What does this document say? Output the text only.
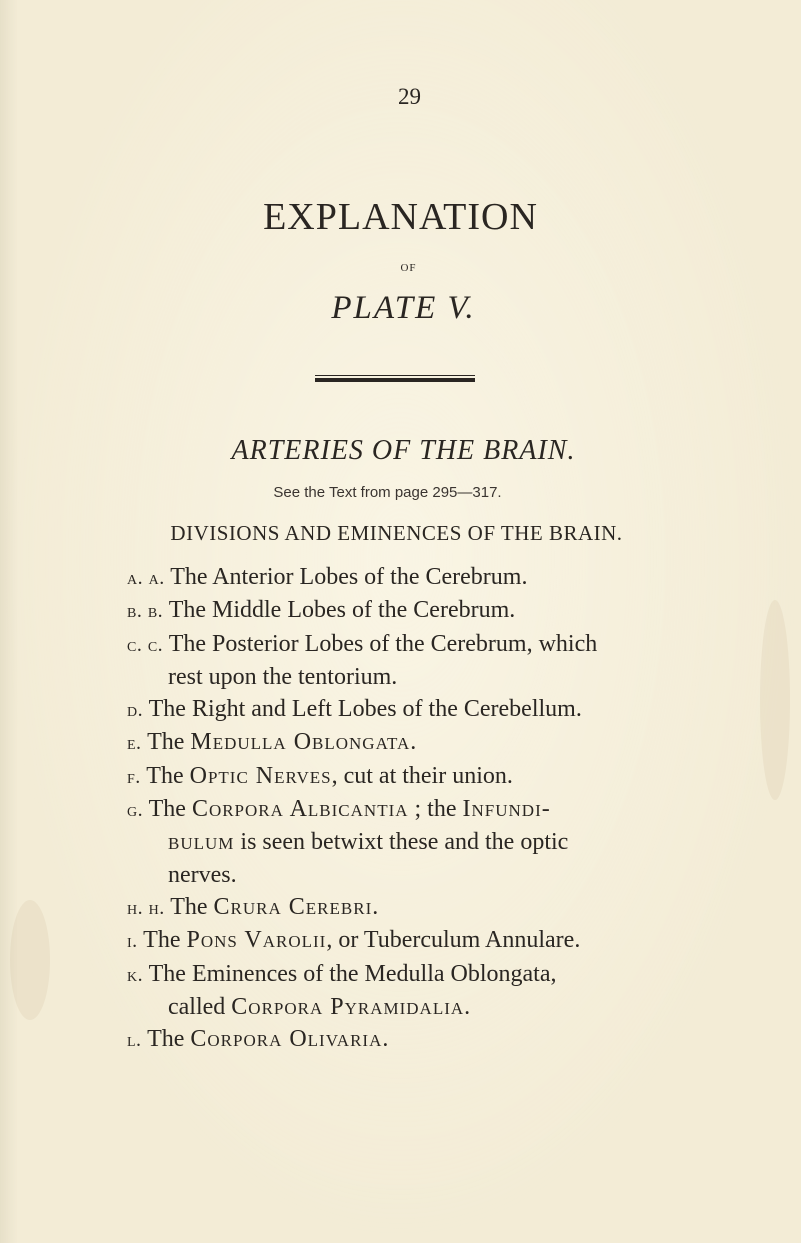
29
EXPLANATION
OF
PLATE V.
ARTERIES OF THE BRAIN.
See the Text from page 295—317.
DIVISIONS AND EMINENCES OF THE BRAIN.
a. a. The Anterior Lobes of the Cerebrum.
b. b. The Middle Lobes of the Cerebrum.
c. c. The Posterior Lobes of the Cerebrum, which
rest upon the tentorium.
d. The Right and Left Lobes of the Cerebellum.
e. The Medulla Oblongata.
f. The Optic Nerves, cut at their union.
g. The Corpora Albicantia ; the Infundi-
bulum is seen betwixt these and the optic
nerves.
h. h. The Crura Cerebri.
i. The Pons Varolii, or Tuberculum Annulare.
k. The Eminences of the Medulla Oblongata,
called Corpora Pyramidalia.
l. The Corpora Olivaria.
